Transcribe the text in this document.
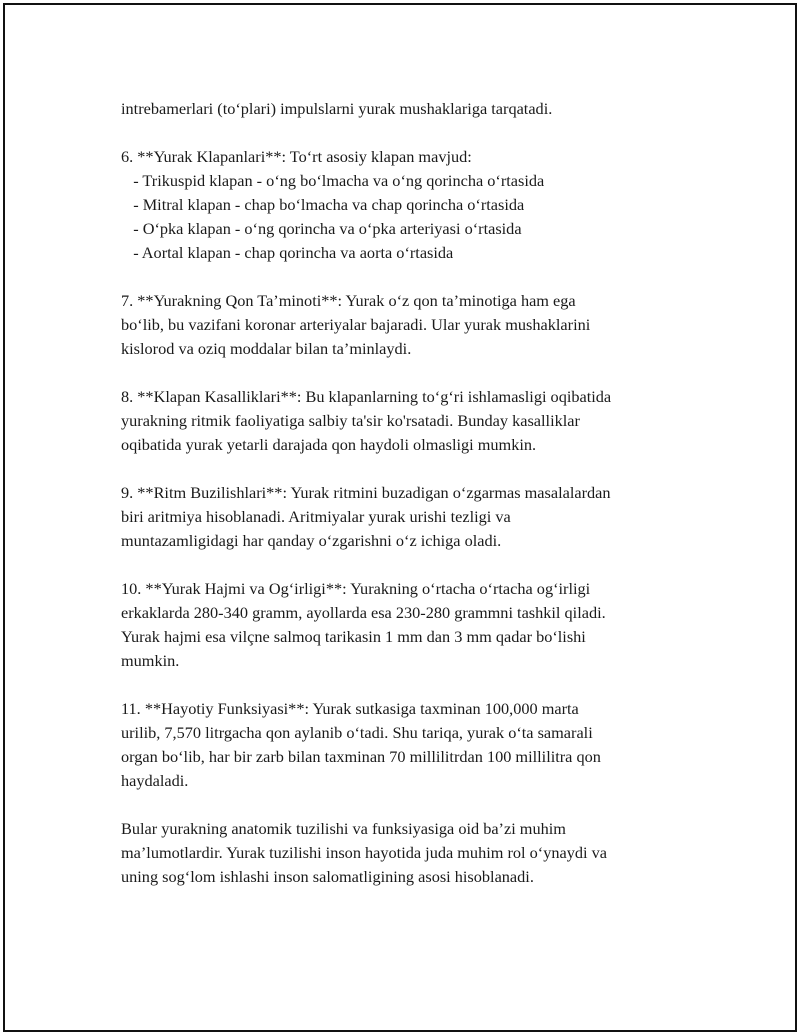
intrebamerlari (to‘plari) impulslarni yurak mushaklariga tarqatadi.
6. **Yurak Klapanlari**: To‘rt asosiy klapan mavjud:
- Trikuspid klapan - o‘ng bo‘lmacha va o‘ng qorincha o‘rtasida
- Mitral klapan - chap bo‘lmacha va chap qorincha o‘rtasida
- O‘pka klapan - o‘ng qorincha va o‘pka arteriyasi o‘rtasida
- Aortal klapan - chap qorincha va aorta o‘rtasida
7. **Yurakning Qon Ta’minoti**: Yurak o‘z qon ta’minotiga ham ega
bo‘lib, bu vazifani koronar arteriyalar bajaradi. Ular yurak mushaklarini
kislorod va oziq moddalar bilan ta’minlaydi.
8. **Klapan Kasalliklari**: Bu klapanlarning to‘g‘ri ishlamasligi oqibatida
yurakning ritmik faoliyatiga salbiy ta'sir ko'rsatadi. Bunday kasalliklar
oqibatida yurak yetarli darajada qon haydoli olmasligi mumkin.
9. **Ritm Buzilishlari**: Yurak ritmini buzadigan o‘zgarmas masalalardan
biri aritmiya hisoblanadi. Aritmiyalar yurak urishi tezligi va
muntazamligidagi har qanday o‘zgarishni o‘z ichiga oladi.
10. **Yurak Hajmi va Og‘irligi**: Yurakning o‘rtacha o‘rtacha og‘irligi
erkaklarda 280-340 gramm, ayollarda esa 230-280 grammni tashkil qiladi.
Yurak hajmi esa vilçne salmoq tarikasin 1 mm dan 3 mm qadar bo‘lishi
mumkin.
11. **Hayotiy Funksiyasi**: Yurak sutkasiga taxminan 100,000 marta
urilib, 7,570 litrgacha qon aylanib o‘tadi. Shu tariqa, yurak o‘ta samarali
organ bo‘lib, har bir zarb bilan taxminan 70 millilitrdan 100 millilitra qon
haydaladi.
Bular yurakning anatomik tuzilishi va funksiyasiga oid ba’zi muhim
ma’lumotlardir. Yurak tuzilishi inson hayotida juda muhim rol o‘ynaydi va
uning sog‘lom ishlashi inson salomatligining asosi hisoblanadi.
